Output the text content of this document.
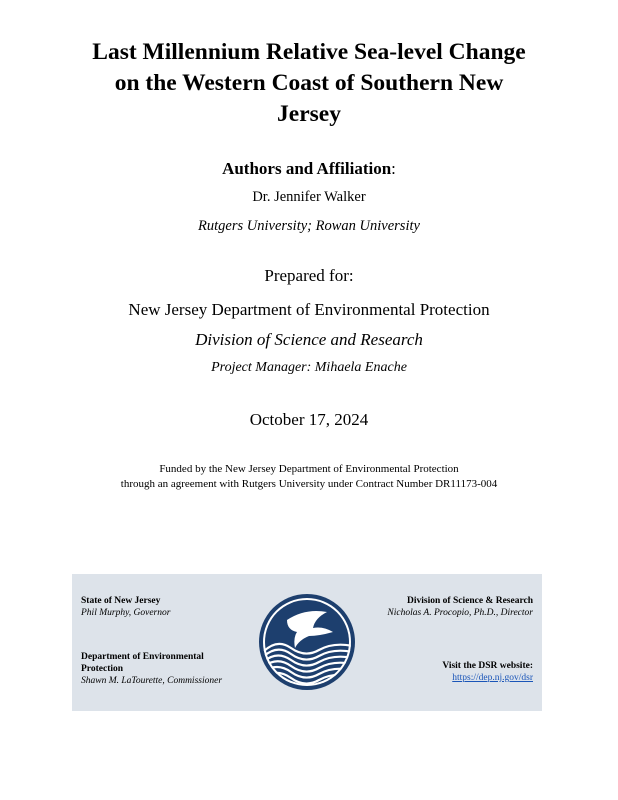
Last Millennium Relative Sea-level Change
on the Western Coast of Southern New
Jersey
Authors and Affiliation:
Dr. Jennifer Walker
Rutgers University; Rowan University
Prepared for:
New Jersey Department of Environmental Protection
Division of Science and Research
Project Manager: Mihaela Enache
October 17, 2024
Funded by the New Jersey Department of Environmental Protection
through an agreement with Rutgers University under Contract Number DR11173-004
State of New Jersey
Phil Murphy, Governor
Department of Environmental Protection
Shawn M. LaTourette, Commissioner
Division of Science & Research
Nicholas A. Procopio, Ph.D., Director
Visit the DSR website:
https://dep.nj.gov/dsr
